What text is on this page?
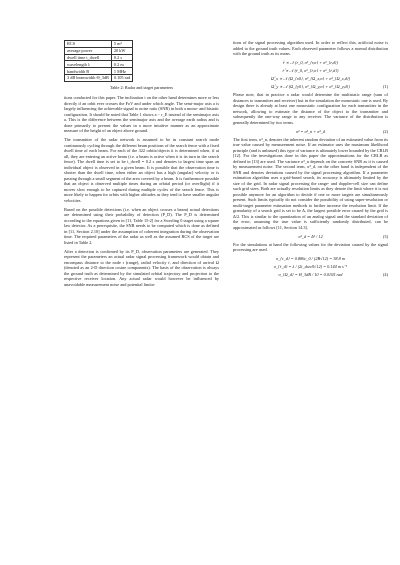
RCS	5 m²
average power	20 kW
dwell time t_dwell	0.2 s
wavelength λ	0.2 m
bandwidth B	1 MHz
3 dB beamwidth Θ_3dB	0.105 rad
Table 2: Radar and target parameters

tions conducted for this paper. The inclination i on the other hand determines more or less directly if an orbit ever crosses the FoV and under which angle. The semi-major axis a is largely influencing the achievable signal to noise ratio (SNR) in both a mono- and bistatic configuration. It should be noted that Table 1 shows a − r_E instead of the semimajor axis a. This is the difference between the semimajor axis and the average earth radius and is done primarily to present the values in a more intuitive manner as an approximate measure of the height of an object above ground.

The transmitter of the radar network is assumed to be in constant search mode continuously cycling through the different beam positions of the search fence with a fixed dwell time of each beam. For each of the 322 orbits/objects it is determined when, if at all, they are entering an active beam (i.e. a beam is active when it is its turn in the search fence). The dwell time is set to be t_dwell = 0.2 s and denotes to largest time span an individual object is observed in a given beam. It is possible that the observation time is shorter than the dwell time, when either an object has a high (angular) velocity or is passing through a small segment of the area covered by a beam. It is furthermore possible that an object is observed multiple times during an orbital period (or overflight) if it moves slow enough to be captured during multiple cycles of the search fence. This is more likely to happen for orbits with higher altitudes as they tend to have smaller angular velocities.

Based on the possible detections (i.e. when an object crosses a beam) actual detections are determined using their probability of detection (P_D). The P_D is determined according to the equations given in [11, Table 15-2] for a Swerling 0 target using a square law detector. As a prerequisite, the SNR needs to be computed which is done as defined in [11, Section 2.10] under the assumption of coherent integration during the observation time. The required parameters of the radar as well as the assumed RCS of the target are listed in Table 2.

After a detection is confirmed by its P_D, observation parameters are generated. They represent the parameters an actual radar signal processing framework would obtain and encompass distance to the node r (range), radial velocity ṙ, and direction of arrival Ω (denoted as an 2-D direction cosine components). The basis of the observation is always the ground truth as determined by the simulated orbital trajectory and projection to the respective receiver location. Any actual radar would however be influenced by unavoidable measurement noise and potential limita-

tions of the signal processing algorithm used. In order to reflect this, artificial noise is added to the ground truth values. Each observed parameter follows a normal distribution with the ground truth as its mean.

r̂ ∝ 𝒩 (r_0, σ²_{r,n} + σ²_{r,d})
ṙ̂ ∝ 𝒩 (ṙ_0, σ²_{ṙ,n} + σ²_{ṙ,d})
Ω̂_x ∝ 𝒩 (Ω_{x0}, σ²_{Ω_x,n} + σ²_{Ω_x,d})
Ω̂_y ∝ 𝒩 (Ω_{y0}, σ²_{Ω_y,n} + σ²_{Ω_y,d})	(1)

Please note, that in practice a radar would determine the multistatic range (sum of distances to transmitter and receiver) but in the simulation the monostatic one is used. By design there is already at least one monostatic configuration for each transmitter in the network, allowing to estimate the distance of the object to the transmitter and subsequently the one-way range to any receiver. The variance of the distribution is generally determined by two terms.

σ² = σ²_n + σ²_d	(2)

The first term, σ²_n, denotes the inherent random deviation of an estimated value from its true value caused by measurement noise. If an estimator uses the maximum likelihood principle (and is unbiased) this type of variance is ultimately lower bounded by the CRLB [12]. For the investigations done in this paper the approximations for the CRLB as defined in [13] are used. The variance σ²_n depends on the concrete SNR as it is caused by measurement noise. The second term, σ²_d, on the other hand is independent of the SNR and denotes deviations caused by the signal processing algorithm. If a parameter estimation algorithm uses a grid-based search, its accuracy is ultimately limited by the size of the grid. In radar signal processing the range- and doppler-cell size can define such grid sizes. Both are actually resolution limits as they denote the limit where it is not possible anymore for an algorithm to decide if one or more targets are simultaneously present. Such limits typically do not consider the possibility of using super-resolution or multi-target parameter estimation methods to further increase the resolution limit. If the granularity of a search grid is set to be Δ, the largest possible error caused by the grid is Δ/2. This is similar to the quantization of an analog signal and the standard deviation of the error, assuming the true value is sufficiently randomly distributed, can be approximated as follows [11, Section 14.3].

σ²_d = Δ² / 12	(3)

For the simulations at hand the following values for the deviation caused by the signal processing are used.

σ_{r_d} = 0.886c_0 / (2B√12) = 38.8 m
σ_{ṙ_d} = λ / (2t_dwell√12) = 0.144 m s⁻¹
σ_{Ω_d} = Θ_3dB / 10 = 0.0105 rad	(4)
